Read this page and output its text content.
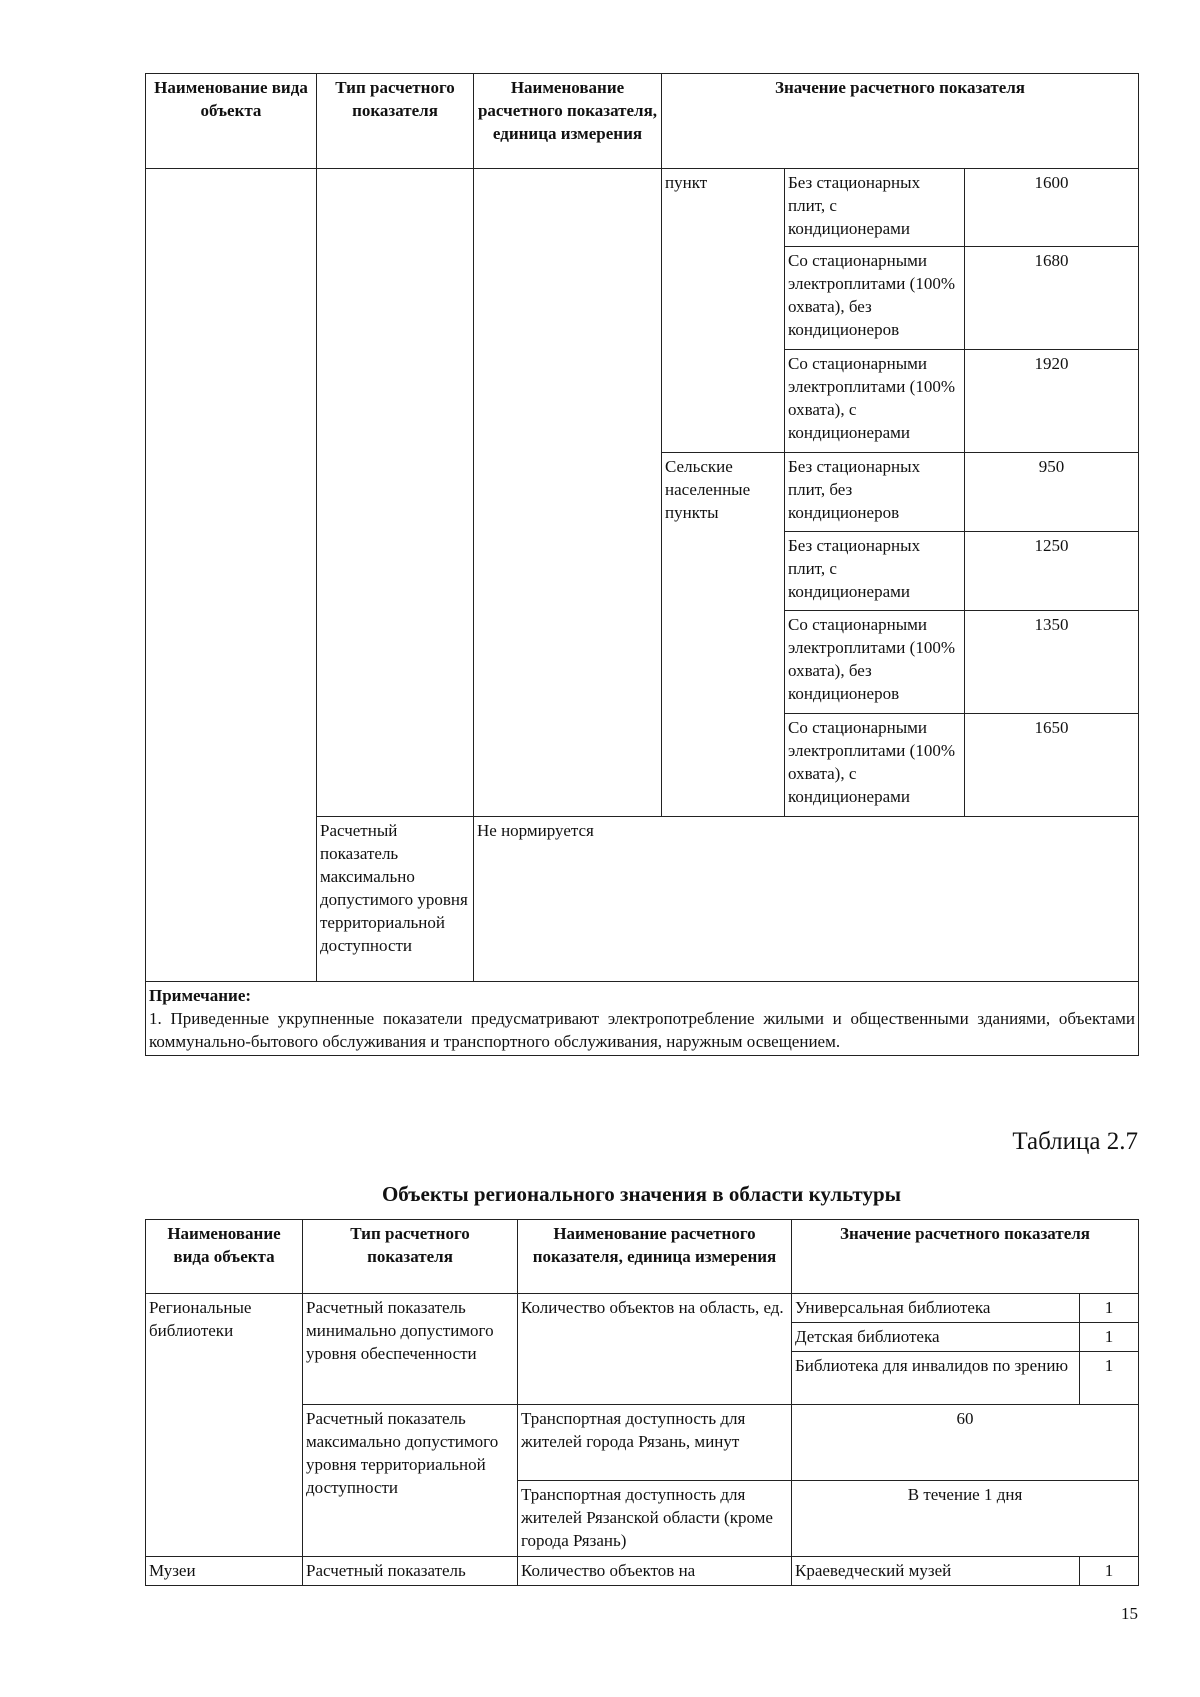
Наименование вида объекта	Тип расчетного показателя	Наименование расчетного показателя, единица измерения	Значение расчетного показателя		
			пункт	Без стационарных плит, с кондиционерами	1600
				Со стационарными электроплитами (100% охвата), без кондиционеров	1680
				Со стационарными электроплитами (100% охвата), с кондиционерами	1920
			Сельские населенные пункты	Без стационарных плит, без кондиционеров	950
				Без стационарных плит, с кондиционерами	1250
				Со стационарными электроплитами (100% охвата), без кондиционеров	1350
				Со стационарными электроплитами (100% охвата), с кондиционерами	1650
	Расчетный показатель максимально допустимого уровня территориальной доступности	Не нормируется			

Примечание:
1. Приведенные укрупненные показатели предусматривают электропотребление жилыми и общественными зданиями, объектами коммунально-бытового обслуживания и транспортного обслуживания, наружным освещением.					
Таблица 2.7
Объекты регионального значения в области культуры
Наименование вида объекта	Тип расчетного показателя	Наименование расчетного показателя, единица измерения	Значение расчетного показателя	
Региональные библиотеки	Расчетный показатель минимально допустимого уровня обеспеченности	Количество объектов на область, ед.	Универсальная библиотека	1
			Детская библиотека	1
			Библиотека для инвалидов по зрению	1
	Расчетный показатель максимально допустимого уровня территориальной доступности	Транспортная доступность для жителей города Рязань, минут	60	
		Транспортная доступность для жителей Рязанской области (кроме города Рязань)	В течение 1 дня	
Музеи	Расчетный показатель	Количество объектов на	Краеведческий музей	1
15
